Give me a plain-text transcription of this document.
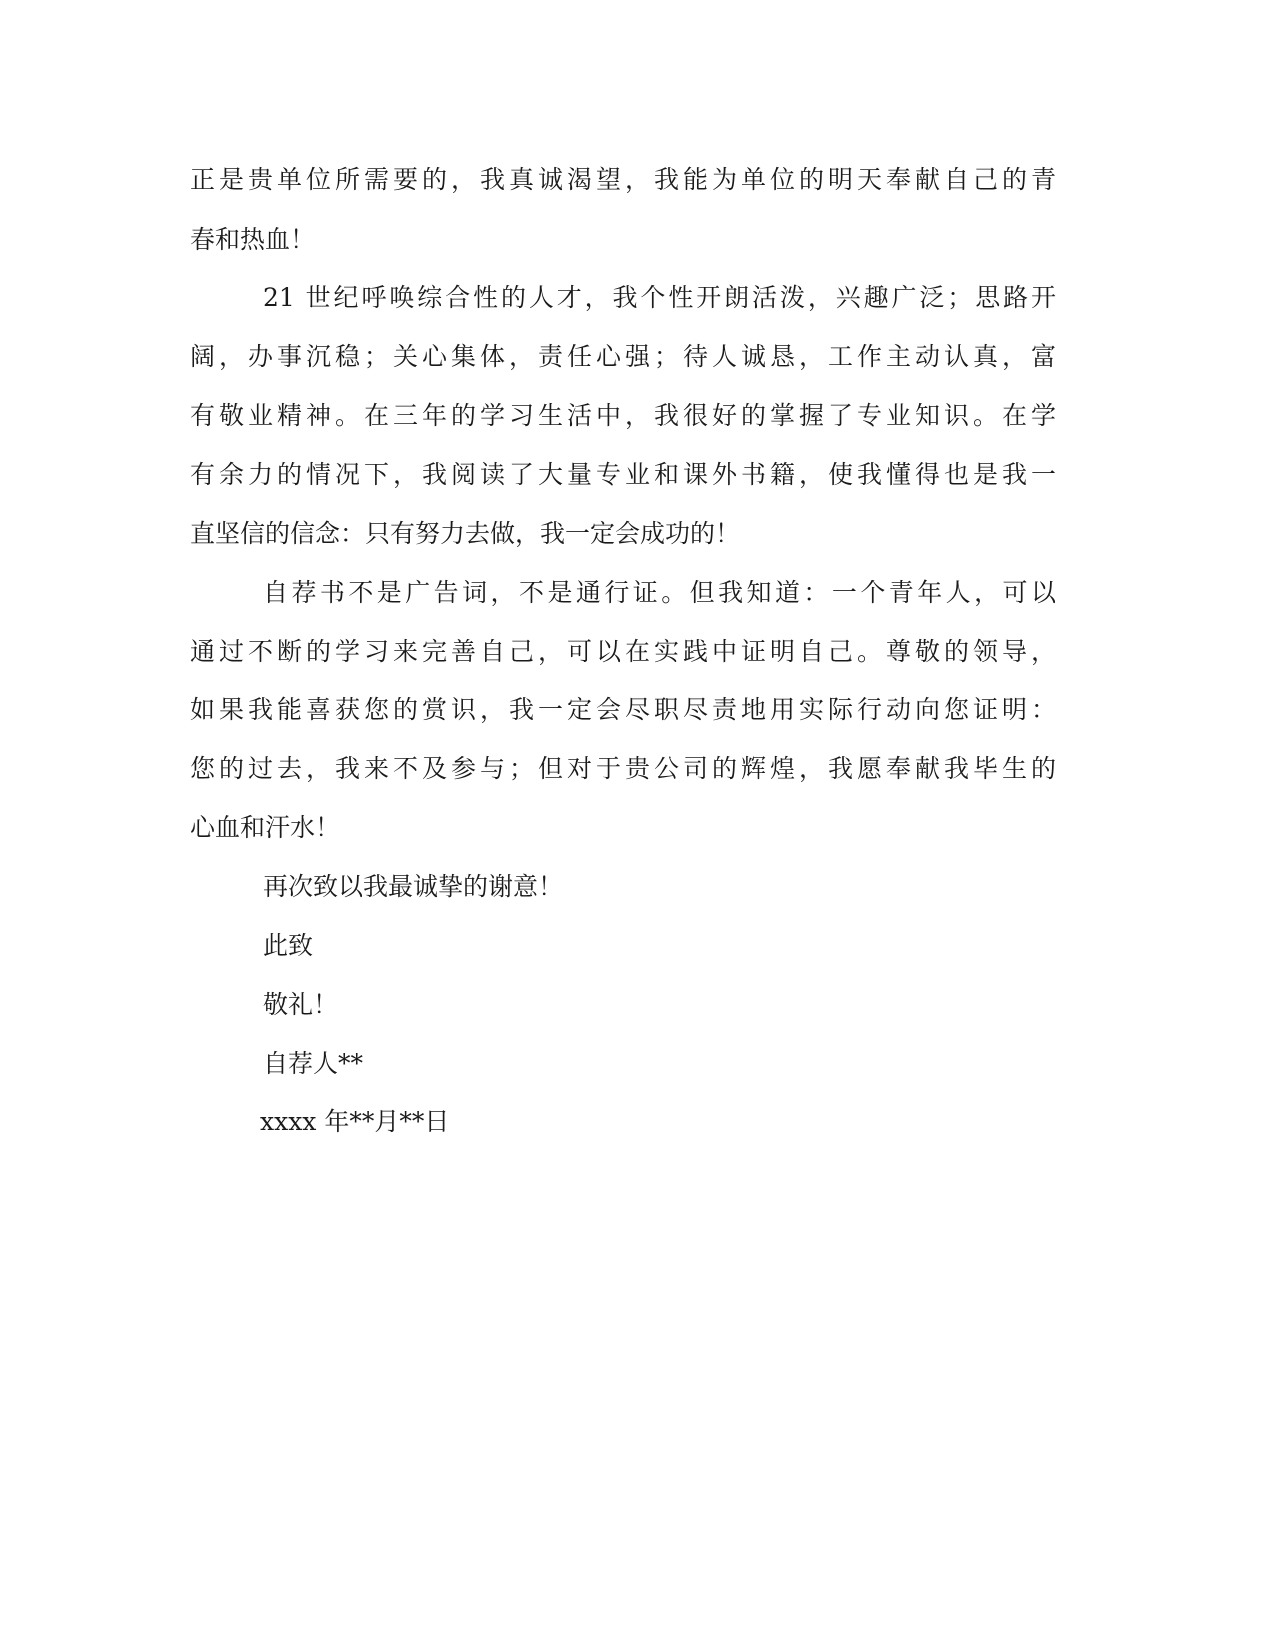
正是贵单位所需要的，我真诚渴望，我能为单位的明天奉献自己的青
春和热血！
21 世纪呼唤综合性的人才，我个性开朗活泼，兴趣广泛；思路开
阔，办事沉稳；关心集体，责任心强；待人诚恳，工作主动认真，富
有敬业精神。在三年的学习生活中，我很好的掌握了专业知识。在学
有余力的情况下，我阅读了大量专业和课外书籍，使我懂得也是我一
直坚信的信念：只有努力去做，我一定会成功的！
自荐书不是广告词，不是通行证。但我知道：一个青年人，可以
通过不断的学习来完善自己，可以在实践中证明自己。尊敬的领导，
如果我能喜获您的赏识，我一定会尽职尽责地用实际行动向您证明：
您的过去，我来不及参与；但对于贵公司的辉煌，我愿奉献我毕生的
心血和汗水！
再次致以我最诚挚的谢意！
此致
敬礼！
自荐人**
xxxx 年**月**日
